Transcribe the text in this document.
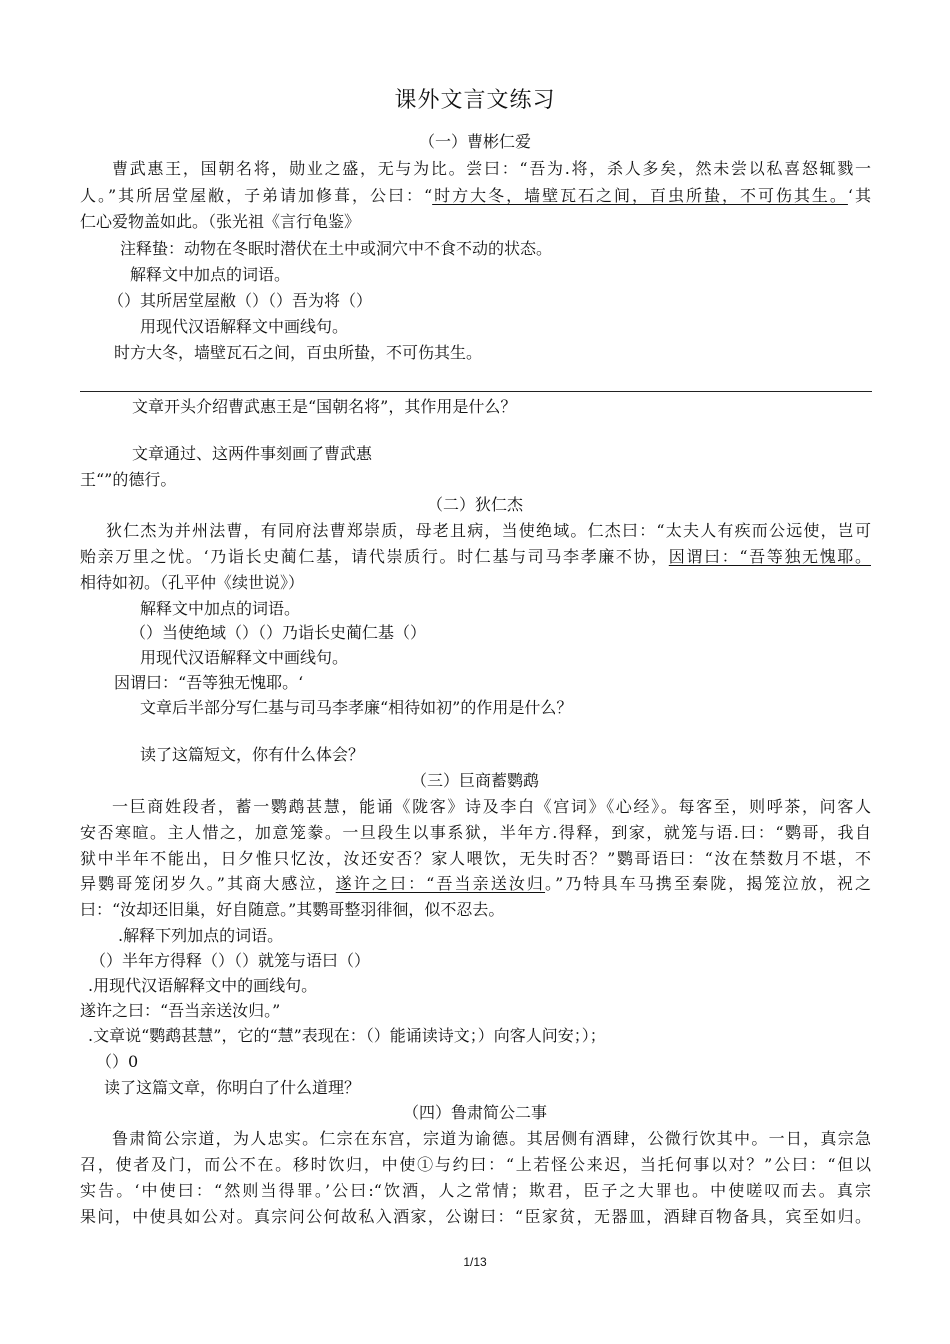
课外文言文练习
（一）曹彬仁爱
曹武惠王，国朝名将，勋业之盛，无与为比。尝曰：“吾为.将，杀人多矣，然未尝以私喜怒辄戮一
人。”其所居堂屋敝，子弟请加修葺，公曰：“时方大冬，墙壁瓦石之间，百虫所蛰，不可伤其生。‘其
仁心爱物盖如此。（张光祖《言行龟鉴》
注释蛰：动物在冬眠时潜伏在土中或洞穴中不食不动的状态。
解释文中加点的词语。
（）其所居堂屋敝（）（）吾为将（）
用现代汉语解释文中画线句。
时方大冬，墙壁瓦石之间，百虫所蛰，不可伤其生。
文章开头介绍曹武惠王是“国朝名将”，其作用是什么？
文章通过、这两件事刻画了曹武惠
王“”的德行。
（二）狄仁杰
狄仁杰为并州法曹，有同府法曹郑崇质，母老且病，当使绝域。仁杰曰：“太夫人有疾而公远使，岂可
贻亲万里之忧。‘乃诣长史蔺仁基，请代崇质行。时仁基与司马李孝廉不协，因谓曰：“吾等独无愧耶。
相待如初。（孔平仲《续世说》）
解释文中加点的词语。
（）当使绝域（）（）乃诣长史蔺仁基（）
用现代汉语解释文中画线句。
因谓曰：“吾等独无愧耶。‘
文章后半部分写仁基与司马李孝廉“相待如初”的作用是什么？
读了这篇短文，你有什么体会？
（三）巨商蓄鹦鹉
一巨商姓段者，蓄一鹦鹉甚慧，能诵《陇客》诗及李白《宫词》《心经》。每客至，则呼茶，问客人
安否寒暄。主人惜之，加意笼豢。一旦段生以事系狱，半年方.得释，到家，就笼与语.曰：“鹦哥，我自
狱中半年不能出，日夕惟只忆汝，汝还安否？家人喂饮，无失时否？”鹦哥语曰：“汝在禁数月不堪，不
异鹦哥笼闭岁久。”其商大感泣，遂许之曰：“吾当亲送汝归。”乃特具车马携至秦陇，揭笼泣放，祝之
曰：“汝却还旧巢，好自随意。”其鹦哥整羽徘徊，似不忍去。
.解释下列加点的词语。
（）半年方得释（）（）就笼与语曰（）
.用现代汉语解释文中的画线句。
遂许之曰：“吾当亲送汝归。”
.文章说“鹦鹉甚慧”，它的“慧”表现在：（）能诵读诗文；）向客人问安；）；
（）0
读了这篇文章，你明白了什么道理？
（四）鲁肃简公二事
鲁肃简公宗道，为人忠实。仁宗在东宫，宗道为谕德。其居侧有酒肆，公微行饮其中。一日，真宗急
召，使者及门，而公不在。移时饮归，中使①与约曰：“上若怪公来迟，当托何事以对？”公曰：“但以
实告。‘中使曰：“然则当得罪。’公曰:“饮酒，人之常情；欺君，臣子之大罪也。中使嗟叹而去。真宗
果问，中使具如公对。真宗问公何故私入酒家，公谢曰：“臣家贫，无器皿，酒肆百物备具，宾至如归。
1/13
